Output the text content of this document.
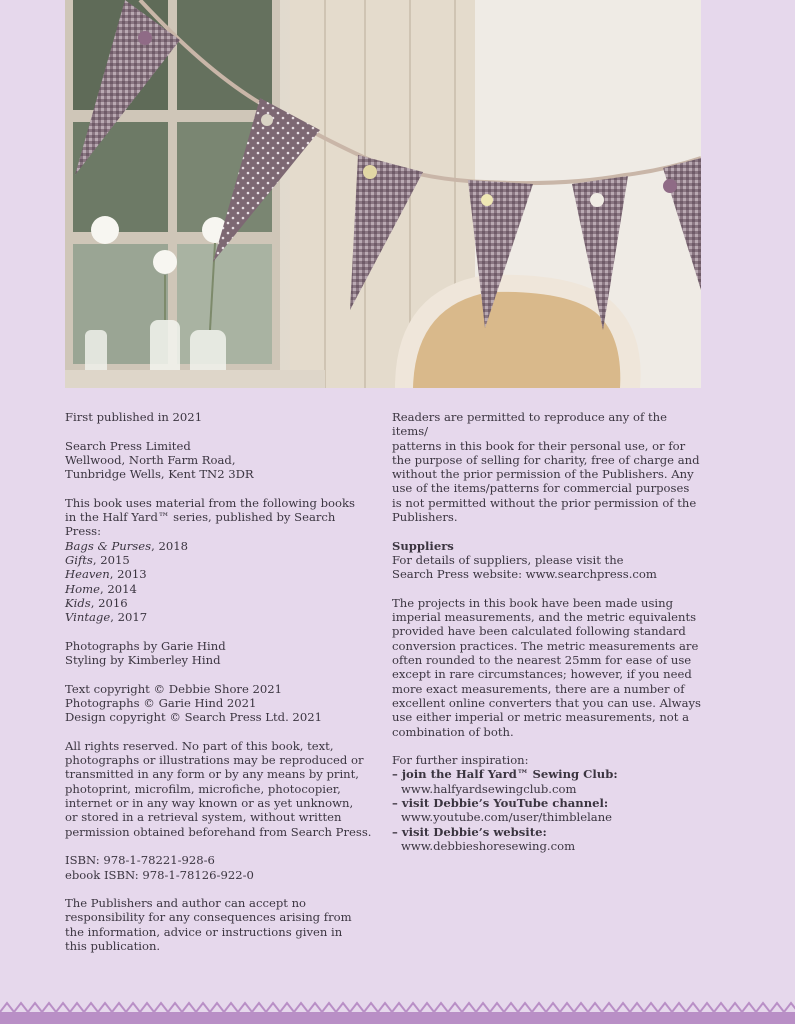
First published in 2021

Search Press Limited
Wellwood, North Farm Road,
Tunbridge Wells, Kent TN2 3DR

This book uses material from the following books
in the Half Yard™ series, published by Search Press:
Bags & Purses, 2018
Gifts, 2015
Heaven, 2013
Home, 2014
Kids, 2016
Vintage, 2017

Photographs by Garie Hind
Styling by Kimberley Hind

Text copyright © Debbie Shore 2021
Photographs © Garie Hind 2021
Design copyright © Search Press Ltd. 2021

All rights reserved. No part of this book, text,
photographs or illustrations may be reproduced or
transmitted in any form or by any means by print,
photoprint, microfilm, microfiche, photocopier,
internet or in any way known or as yet unknown,
or stored in a retrieval system, without written
permission obtained beforehand from Search Press.

ISBN: 978-1-78221-928-6
ebook ISBN: 978-1-78126-922-0

The Publishers and author can accept no
responsibility for any consequences arising from
the information, advice or instructions given in
this publication.

Readers are permitted to reproduce any of the items/
patterns in this book for their personal use, or for
the purpose of selling for charity, free of charge and
without the prior permission of the Publishers. Any
use of the items/patterns for commercial purposes
is not permitted without the prior permission of the
Publishers.

Suppliers
For details of suppliers, please visit the
Search Press website: www.searchpress.com

The projects in this book have been made using
imperial measurements, and the metric equivalents
provided have been calculated following standard
conversion practices. The metric measurements are
often rounded to the nearest 25mm for ease of use
except in rare circumstances; however, if you need
more exact measurements, there are a number of
excellent online converters that you can use. Always
use either imperial or metric measurements, not a
combination of both.

For further inspiration:
– join the Half Yard™ Sewing Club:
www.halfyardsewingclub.com
– visit Debbie’s YouTube channel:
www.youtube.com/user/thimblelane
– visit Debbie’s website:
www.debbieshoresewing.com
